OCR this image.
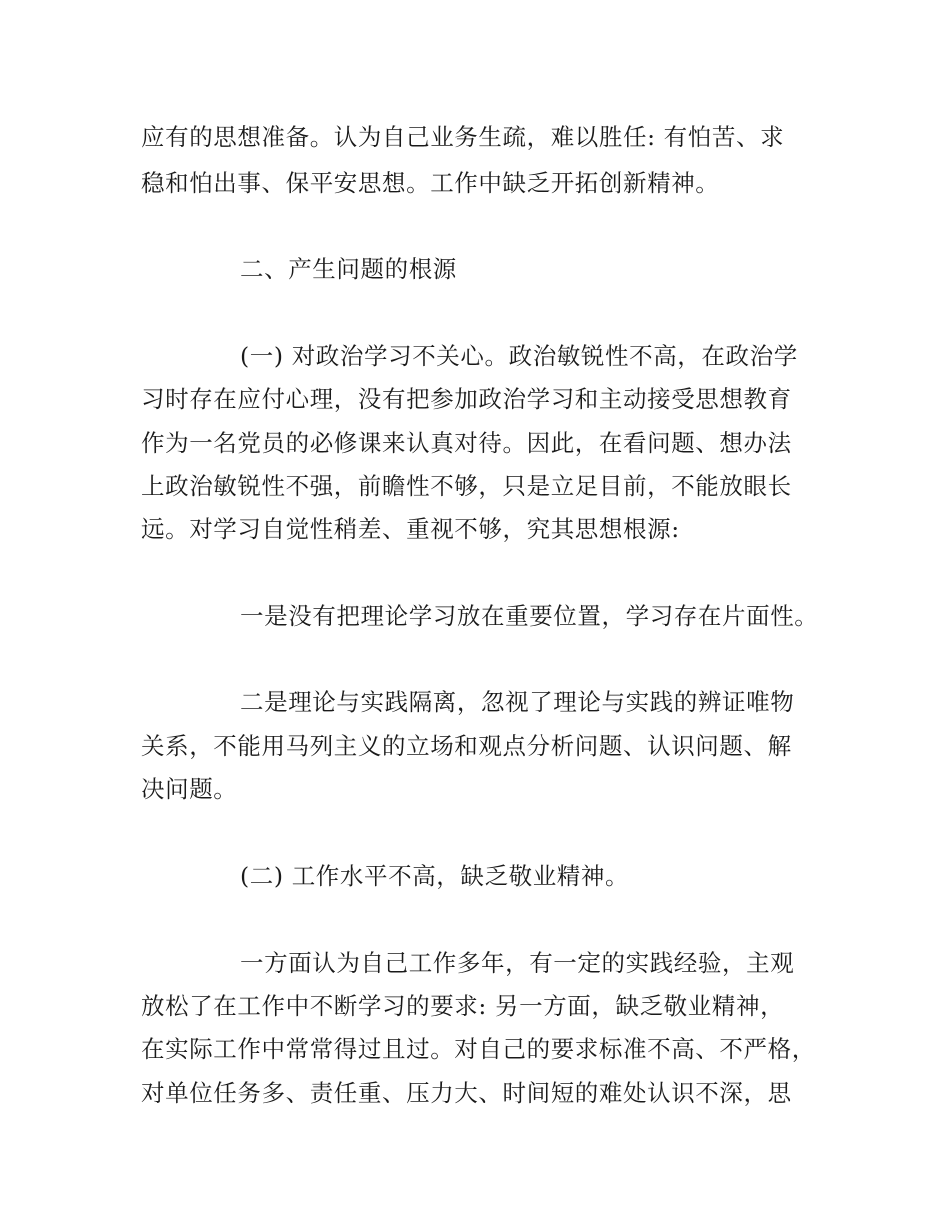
应有的思想准备。认为自己业务生疏，难以胜任: 有怕苦、求
稳和怕出事、保平安思想。工作中缺乏开拓创新精神。
二、产生问题的根源
(一) 对政治学习不关心。政治敏锐性不高，在政治学
习时存在应付心理，没有把参加政治学习和主动接受思想教育
作为一名党员的必修课来认真对待。因此，在看问题、想办法
上政治敏锐性不强，前瞻性不够，只是立足目前，不能放眼长
远。对学习自觉性稍差、重视不够，究其思想根源:
一是没有把理论学习放在重要位置，学习存在片面性。
二是理论与实践隔离，忽视了理论与实践的辨证唯物
关系，不能用马列主义的立场和观点分析问题、认识问题、解
决问题。
(二) 工作水平不高，缺乏敬业精神。
一方面认为自己工作多年，有一定的实践经验，主观
放松了在工作中不断学习的要求: 另一方面，缺乏敬业精神，
在实际工作中常常得过且过。对自己的要求标准不高、不严格，
对单位任务多、责任重、压力大、时间短的难处认识不深，思
